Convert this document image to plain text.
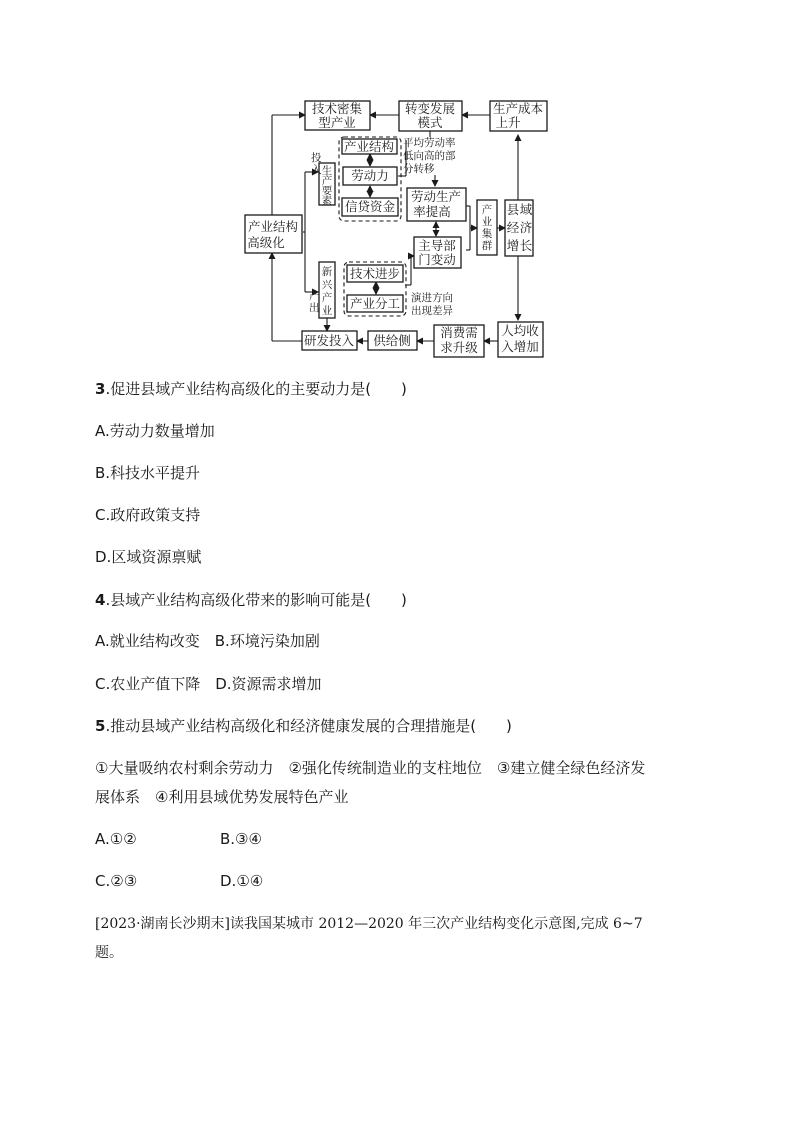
技术密集
型产业
转变发展
模式
生产成本
上升
产业结构
劳动力
信贷资金
生
产
要
素
产业结构
高级化
劳动生产
率提高	产
业
集
群
县 域
经 济
增 长
主导部
门变动
新
兴
产
业
技术进步
产业分工
研发投入 供给侧
消费需
求升级
人均收
入增加
投
入
产
出
平均劳动率
低向高的部
分转移
演进方向
出现差异
3.促进县域产业结构高级化的主要动力是(　　)
A.劳动力数量增加
B.科技水平提升
C.政府政策支持
D.区域资源禀赋
4.县域产业结构高级化带来的影响可能是(　　)
A.就业结构改变　B.环境污染加剧
C.农业产值下降　D.资源需求增加
5.推动县域产业结构高级化和经济健康发展的合理措施是(　　)
①大量吸纳农村剩余劳动力　②强化传统制造业的支柱地位　③建立健全绿色经济发
展体系　④利用县域优势发展特色产业
A.①②	B.③④
C.②③	D.①④
[2023·湖南长沙期末]读我国某城市 2012—2020 年三次产业结构变化示意图,完成 6~7
题。
